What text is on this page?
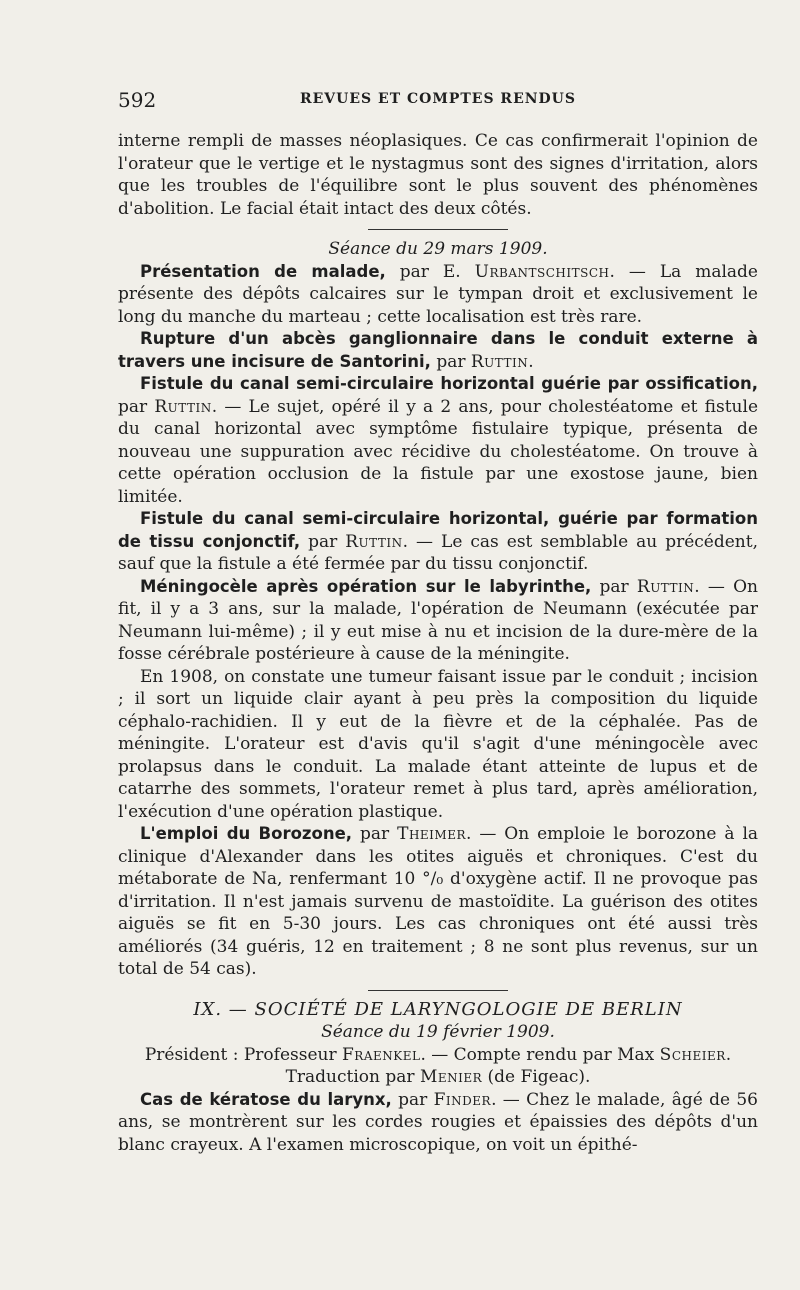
592	REVUES ET COMPTES RENDUS

interne rempli de masses néoplasiques. Ce cas confirmerait l'opinion de l'orateur que le vertige et le nystagmus sont des signes d'irritation, alors que les troubles de l'équilibre sont le plus souvent des phénomènes d'abolition. Le facial était intact des deux côtés.

Séance du 29 mars 1909.

Présentation de malade, par E. Urbantschitsch. — La malade présente des dépôts calcaires sur le tympan droit et exclusivement le long du manche du marteau ; cette localisation est très rare.

Rupture d'un abcès ganglionnaire dans le conduit externe à travers une incisure de Santorini, par Ruttin.

Fistule du canal semi-circulaire horizontal guérie par ossification, par Ruttin. — Le sujet, opéré il y a 2 ans, pour cholestéatome et fistule du canal horizontal avec symptôme fistulaire typique, présenta de nouveau une suppuration avec récidive du cholestéatome. On trouve à cette opération occlusion de la fistule par une exostose jaune, bien limitée.

Fistule du canal semi-circulaire horizontal, guérie par formation de tissu conjonctif, par Ruttin. — Le cas est semblable au précédent, sauf que la fistule a été fermée par du tissu conjonctif.

Méningocèle après opération sur le labyrinthe, par Ruttin. — On fit, il y a 3 ans, sur la malade, l'opération de Neumann (exécutée par Neumann lui-même) ; il y eut mise à nu et incision de la dure-mère de la fosse cérébrale postérieure à cause de la méningite.

En 1908, on constate une tumeur faisant issue par le conduit ; incision ; il sort un liquide clair ayant à peu près la composition du liquide céphalo-rachidien. Il y eut de la fièvre et de la céphalée. Pas de méningite. L'orateur est d'avis qu'il s'agit d'une méningocèle avec prolapsus dans le conduit. La malade étant atteinte de lupus et de catarrhe des sommets, l'orateur remet à plus tard, après amélioration, l'exécution d'une opération plastique.

L'emploi du Borozone, par Theimer. — On emploie le borozone à la clinique d'Alexander dans les otites aiguës et chroniques. C'est du métaborate de Na, renfermant 10 °/₀ d'oxygène actif. Il ne provoque pas d'irritation. Il n'est jamais survenu de mastoïdite. La guérison des otites aiguës se fit en 5-30 jours. Les cas chroniques ont été aussi très améliorés (34 guéris, 12 en traitement ; 8 ne sont plus revenus, sur un total de 54 cas).

IX. — SOCIÉTÉ DE LARYNGOLOGIE DE BERLIN

Séance du 19 février 1909.

Président : Professeur Fraenkel. — Compte rendu par Max Scheier.

Traduction par Menier (de Figeac).

Cas de kératose du larynx, par Finder. — Chez le malade, âgé de 56 ans, se montrèrent sur les cordes rougies et épaissies des dépôts d'un blanc crayeux. A l'examen microscopique, on voit un épithé-
